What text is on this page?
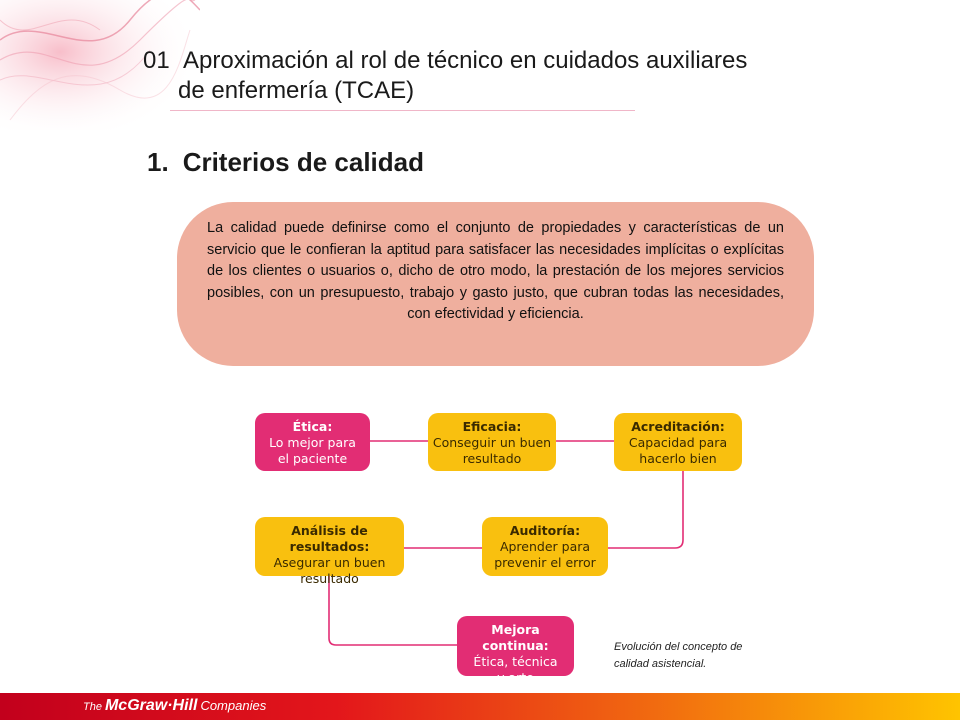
01 Aproximación al rol de técnico en cuidados auxiliares
de enfermería (TCAE)
1. Criterios de calidad
La calidad puede definirse como el conjunto de propiedades y características de un servicio que le confieran la aptitud para satisfacer las necesidades implícitas o explícitas de los clientes o usuarios o, dicho de otro modo, la prestación de los mejores servicios posibles, con un presupuesto, trabajo y gasto justo, que cubran todas las necesidades, con efectividad y eficiencia.
Ética:
Lo mejor para
el paciente
Eficacia:
Conseguir un buen
resultado
Acreditación:
Capacidad para
hacerlo bien
Auditoría:
Aprender para
prevenir el error
Análisis de resultados:
Asegurar un buen
resultado
Mejora continua:
Ética, técnica
y arte
Evolución del concepto de
calidad asistencial.
The McGraw·Hill Companies
